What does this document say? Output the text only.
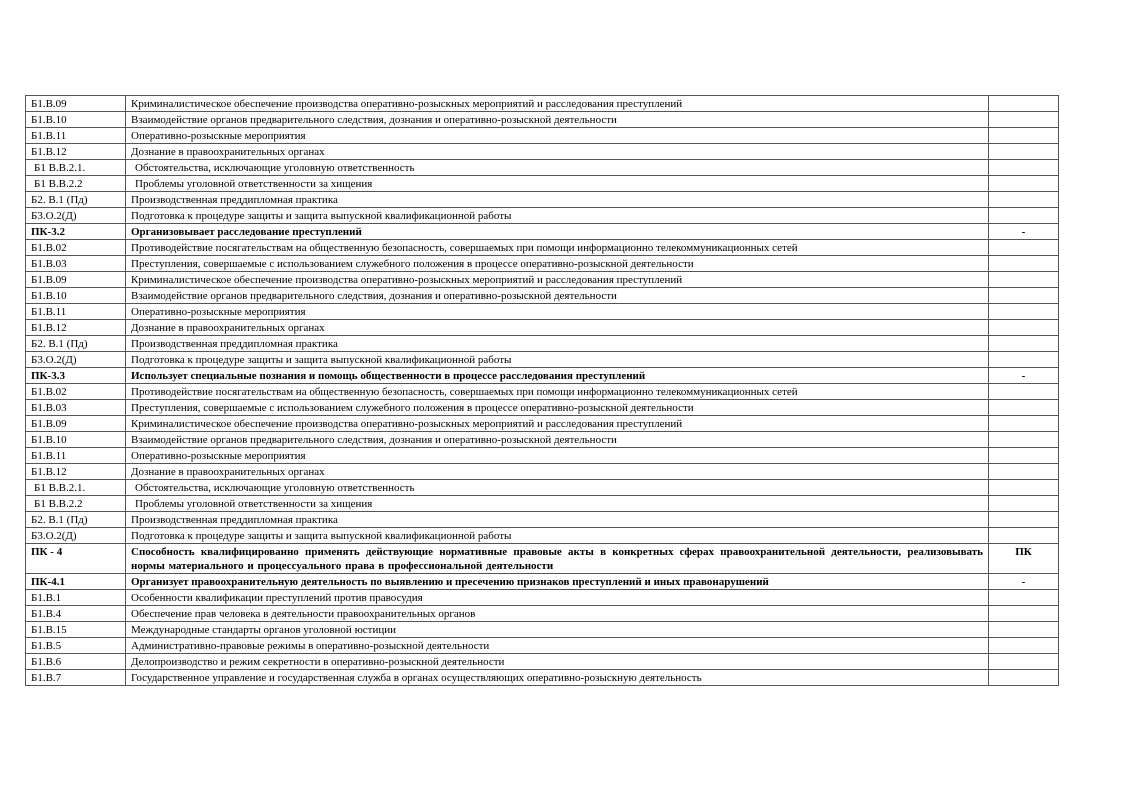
Б1.В.09	Криминалистическое обеспечение производства оперативно-розыскных мероприятий и расследования преступлений	
Б1.В.10	Взаимодействие органов предварительного следствия, дознания и оперативно-розыскной деятельности	
Б1.В.11	Оперативно-розыскные мероприятия	
Б1.В.12	Дознание в правоохранительных органах	
Б1 В.В.2.1.	Обстоятельства, исключающие уголовную ответственность	
Б1 В.В.2.2	Проблемы уголовной ответственности за хищения	
Б2. В.1 (Пд)	Производственная преддипломная практика	
Б3.О.2(Д)	Подготовка к процедуре защиты и защита выпускной квалификационной работы	
ПК-3.2	Организовывает расследование преступлений	-
Б1.В.02	Противодействие посягательствам на общественную безопасность, совершаемых при помощи информационно телекоммуникационных сетей	
Б1.В.03	Преступления, совершаемые с использованием служебного положения в процессе оперативно-розыскной деятельности	
Б1.В.09	Криминалистическое обеспечение производства оперативно-розыскных мероприятий и расследования преступлений	
Б1.В.10	Взаимодействие органов предварительного следствия, дознания и оперативно-розыскной деятельности	
Б1.В.11	Оперативно-розыскные мероприятия	
Б1.В.12	Дознание в правоохранительных органах	
Б2. В.1 (Пд)	Производственная преддипломная практика	
Б3.О.2(Д)	Подготовка к процедуре защиты и защита выпускной квалификационной работы	
ПК-3.3	Использует специальные познания и помощь общественности в процессе расследования преступлений	-
Б1.В.02	Противодействие посягательствам на общественную безопасность, совершаемых при помощи информационно телекоммуникационных сетей	
Б1.В.03	Преступления, совершаемые с использованием служебного положения в процессе оперативно-розыскной деятельности	
Б1.В.09	Криминалистическое обеспечение производства оперативно-розыскных мероприятий и расследования преступлений	
Б1.В.10	Взаимодействие органов предварительного следствия, дознания и оперативно-розыскной деятельности	
Б1.В.11	Оперативно-розыскные мероприятия	
Б1.В.12	Дознание в правоохранительных органах	
Б1 В.В.2.1.	Обстоятельства, исключающие уголовную ответственность	
Б1 В.В.2.2	Проблемы уголовной ответственности за хищения	
Б2. В.1 (Пд)	Производственная преддипломная практика	
Б3.О.2(Д)	Подготовка к процедуре защиты и защита выпускной квалификационной работы	
ПК - 4	Способность квалифицированно применять действующие нормативные правовые акты в конкретных сферах правоохранительной деятельности, реализовывать нормы материального и процессуального права в профессиональной деятельности	ПК
ПК-4.1	Организует правоохранительную деятельность по выявлению и пресечению признаков преступлений и иных правонарушений	-
Б1.В.1	Особенности квалификации преступлений против правосудия	
Б1.В.4	Обеспечение прав человека в деятельности правоохранительных органов	
Б1.В.15	Международные стандарты органов уголовной юстиции	
Б1.В.5	Административно-правовые режимы в оперативно-розыскной деятельности	
Б1.В.6	Делопроизводство и режим секретности в оперативно-розыскной деятельности	
Б1.В.7	Государственное управление и государственная служба в органах осуществляющих оперативно-розыскную деятельность	
